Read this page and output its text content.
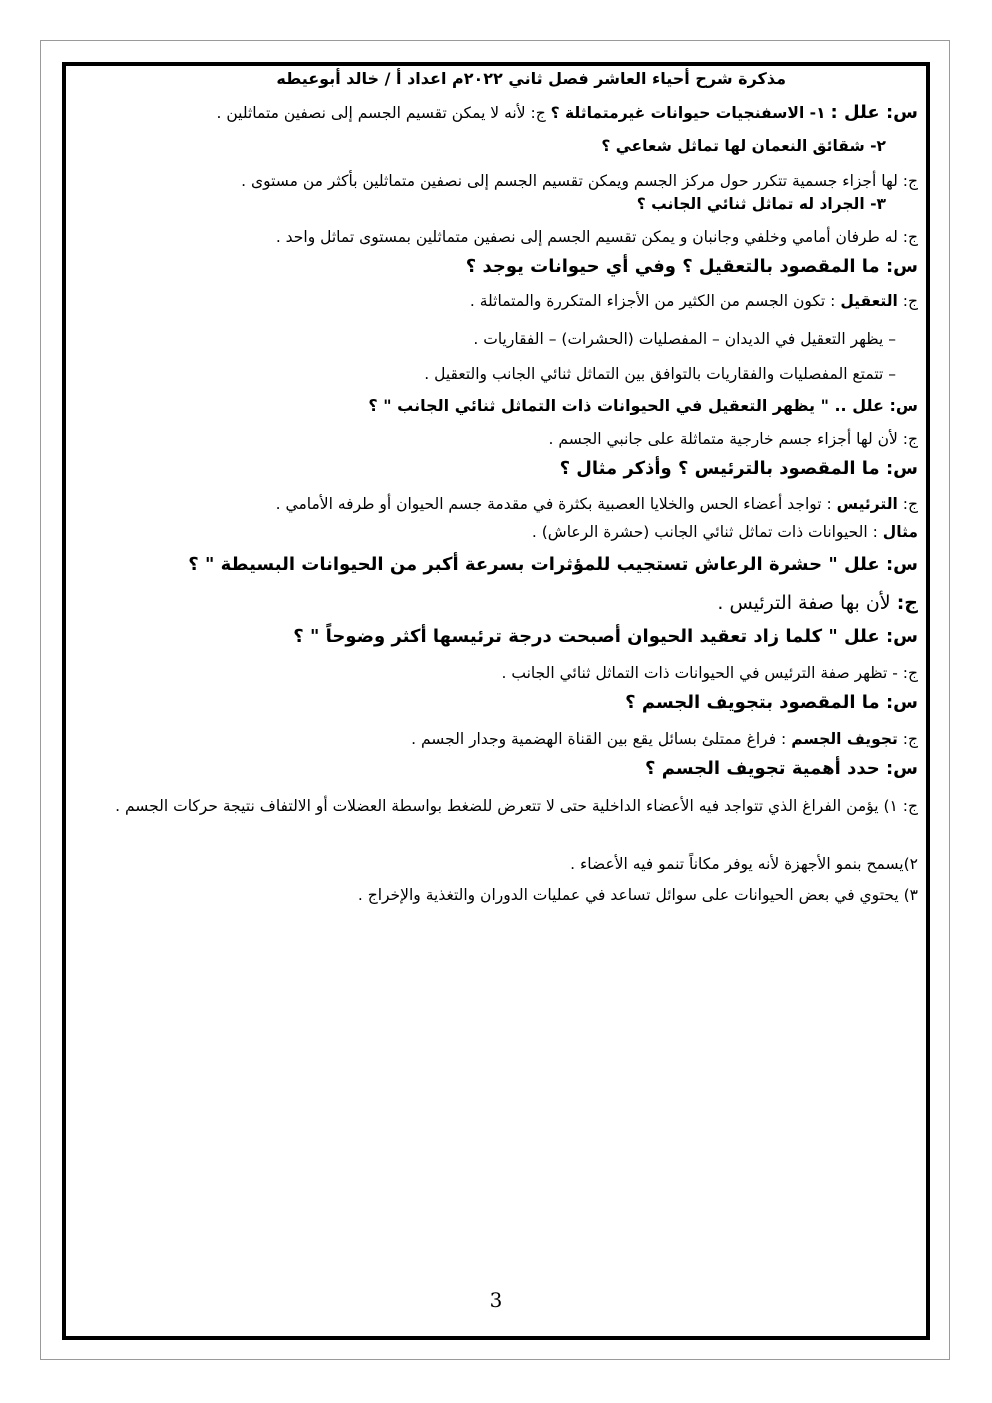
مذكرة شرح أحياء العاشر فصل ثاني ٢٠٢٢م اعداد أ / خالد أبوعيطه
س: علل : ١- الاسفنجيات حيوانات غيرمتماثلة ؟ ج: لأنه لا يمكن تقسيم الجسم إلى نصفين متماثلين .
٢- شقائق النعمان لها تماثل شعاعي ؟
ج: لها أجزاء جسمية تتكرر حول مركز الجسم ويمكن تقسيم الجسم إلى نصفين متماثلين بأكثر من مستوى .
٣- الجراد له تماثل ثنائي الجانب ؟
ج: له طرفان أمامي وخلفي وجانبان و يمكن تقسيم الجسم إلى نصفين متماثلين بمستوى تماثل واحد .
س: ما المقصود بالتعقيل ؟ وفي أي حيوانات يوجد ؟
ج: التعقيل : تكون الجسم من الكثير من الأجزاء المتكررة والمتماثلة .
– يظهر التعقيل في الديدان – المفصليات (الحشرات) – الفقاريات .
– تتمتع المفصليات والفقاريات بالتوافق بين التماثل ثنائي الجانب والتعقيل .
س: علل .. " يظهر التعقيل في الحيوانات ذات التماثل ثنائي الجانب " ؟
ج: لأن لها أجزاء جسم خارجية متماثلة على جانبي الجسم .
س: ما المقصود بالترئيس ؟ وأذكر مثال ؟
ج: الترئيس : تواجد أعضاء الحس والخلايا العصبية بكثرة في مقدمة جسم الحيوان أو طرفه الأمامي .
مثال : الحيوانات ذات تماثل ثنائي الجانب (حشرة الرعاش) .
س: علل " حشرة الرعاش تستجيب للمؤثرات بسرعة أكبر من الحيوانات البسيطة " ؟
ج: لأن بها صفة الترئيس .
س: علل " كلما زاد تعقيد الحيوان أصبحت درجة ترئيسها أكثر وضوحاً " ؟
ج: - تظهر صفة الترئيس في الحيوانات ذات التماثل ثنائي الجانب .
س: ما المقصود بتجويف الجسم ؟
ج: تجويف الجسم : فراغ ممتلئ بسائل يقع بين القناة الهضمية وجدار الجسم .
س: حدد أهمية تجويف الجسم ؟
ج: ١) يؤمن الفراغ الذي تتواجد فيه الأعضاء الداخلية حتى لا تتعرض للضغط بواسطة العضلات أو الالتفاف نتيجة حركات الجسم .
٢)يسمح بنمو الأجهزة لأنه يوفر مكاناً تنمو فيه الأعضاء .
٣) يحتوي في بعض الحيوانات على سوائل تساعد في عمليات الدوران والتغذية والإخراج .
3
